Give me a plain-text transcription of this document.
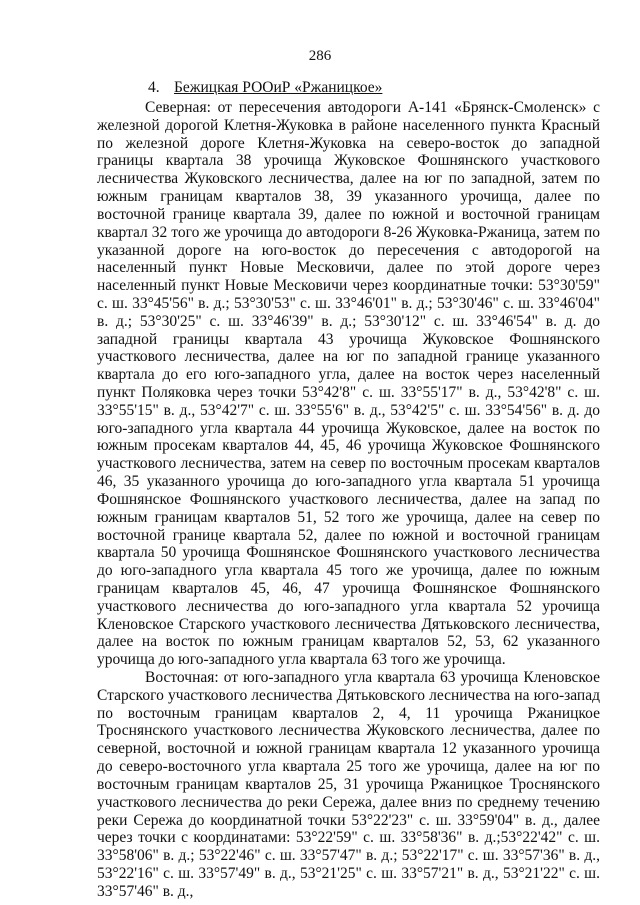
286
4. Бежицкая РООиР «Ржаницкое»

Северная: от пересечения автодороги А-141 «Брянск-Смоленск» с железной дорогой Клетня-Жуковка в районе населенного пункта Красный по железной дороге Клетня-Жуковка на северо-восток до западной границы квартала 38 урочища Жуковское Фошнянского участкового лесничества Жуковского лесничества, далее на юг по западной, затем по южным границам кварталов 38, 39 указанного урочища, далее по восточной границе квартала 39, далее по южной и восточной границам квартал 32 того же урочища до автодороги 8-26 Жуковка-Ржаница, затем по указанной дороге на юго-восток до пересечения с автодорогой на населенный пункт Новые Месковичи, далее по этой дороге через населенный пункт Новые Месковичи через координатные точки: 53°30'59" с. ш. 33°45'56" в. д.; 53°30'53" с. ш. 33°46'01" в. д.; 53°30'46" с. ш. 33°46'04" в. д.; 53°30'25" с. ш. 33°46'39" в. д.; 53°30'12" с. ш. 33°46'54" в. д. до западной границы квартала 43 урочища Жуковское Фошнянского участкового лесничества, далее на юг по западной границе указанного квартала до его юго-западного угла, далее на восток через населенный пункт Поляковка через точки 53°42'8" с. ш. 33°55'17" в. д., 53°42'8" с. ш. 33°55'15" в. д., 53°42'7" с. ш. 33°55'6" в. д., 53°42'5" с. ш. 33°54'56" в. д. до юго-западного угла квартала 44 урочища Жуковское, далее на восток по южным просекам кварталов 44, 45, 46 урочища Жуковское Фошнянского участкового лесничества, затем на север по восточным просекам кварталов 46, 35 указанного урочища до юго-западного угла квартала 51 урочища Фошнянское Фошнянского участкового лесничества, далее на запад по южным границам кварталов 51, 52 того же урочища, далее на север по восточной границе квартала 52, далее по южной и восточной границам квартала 50 урочища Фошнянское Фошнянского участкового лесничества до юго-западного угла квартала 45 того же урочища, далее по южным границам кварталов 45, 46, 47 урочища Фошнянское Фошнянского участкового лесничества до юго-западного угла квартала 52 урочища Кленовское Старского участкового лесничества Дятьковского лесничества, далее на восток по южным границам кварталов 52, 53, 62 указанного урочища до юго-западного угла квартала 63 того же урочища.

Восточная: от юго-западного угла квартала 63 урочища Кленовское Старского участкового лесничества Дятьковского лесничества на юго-запад по восточным границам кварталов 2, 4, 11 урочища Ржаницкое Троснянского участкового лесничества Жуковского лесничества, далее по северной, восточной и южной границам квартала 12 указанного урочища до северо-восточного угла квартала 25 того же урочища, далее на юг по восточным границам кварталов 25, 31 урочища Ржаницкое Троснянского участкового лесничества до реки Сережа, далее вниз по среднему течению реки Сережа до координатной точки 53°22'23" с. ш. 33°59'04" в. д., далее через точки с координатами: 53°22'59" с. ш. 33°58'36" в. д.;53°22'42" с. ш. 33°58'06" в. д.; 53°22'46" с. ш. 33°57'47" в. д.; 53°22'17" с. ш. 33°57'36" в. д., 53°22'16" с. ш. 33°57'49" в. д., 53°21'25" с. ш. 33°57'21" в. д., 53°21'22" с. ш. 33°57'46" в. д.,
